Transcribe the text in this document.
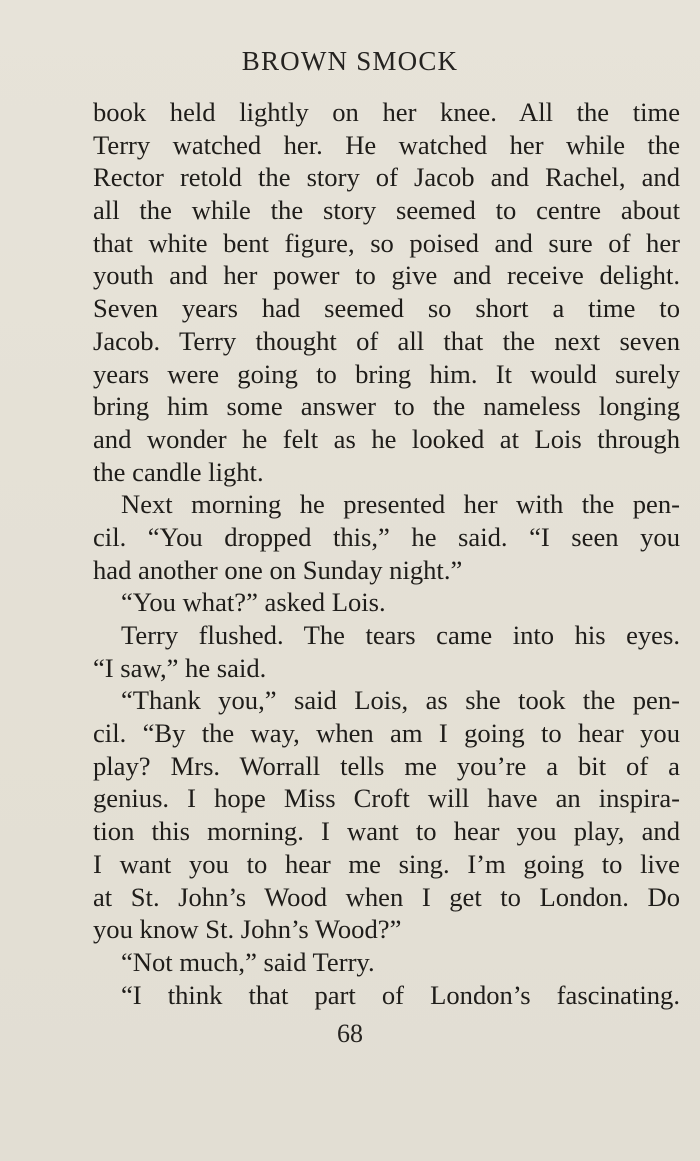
BROWN SMOCK
book held lightly on her knee. All the time
Terry watched her. He watched her while the
Rector retold the story of Jacob and Rachel, and
all the while the story seemed to centre about
that white bent figure, so poised and sure of her
youth and her power to give and receive delight.
Seven years had seemed so short a time to
Jacob. Terry thought of all that the next seven
years were going to bring him. It would surely
bring him some answer to the nameless longing
and wonder he felt as he looked at Lois through
the candle light.
Next morning he presented her with the pen-
cil. “You dropped this,” he said. “I seen you
had another one on Sunday night.”
“You what?” asked Lois.
Terry flushed. The tears came into his eyes.
“I saw,” he said.
“Thank you,” said Lois, as she took the pen-
cil. “By the way, when am I going to hear you
play? Mrs. Worrall tells me you’re a bit of a
genius. I hope Miss Croft will have an inspira-
tion this morning. I want to hear you play, and
I want you to hear me sing. I’m going to live
at St. John’s Wood when I get to London. Do
you know St. John’s Wood?”
“Not much,” said Terry.
“I think that part of London’s fascinating.
68
